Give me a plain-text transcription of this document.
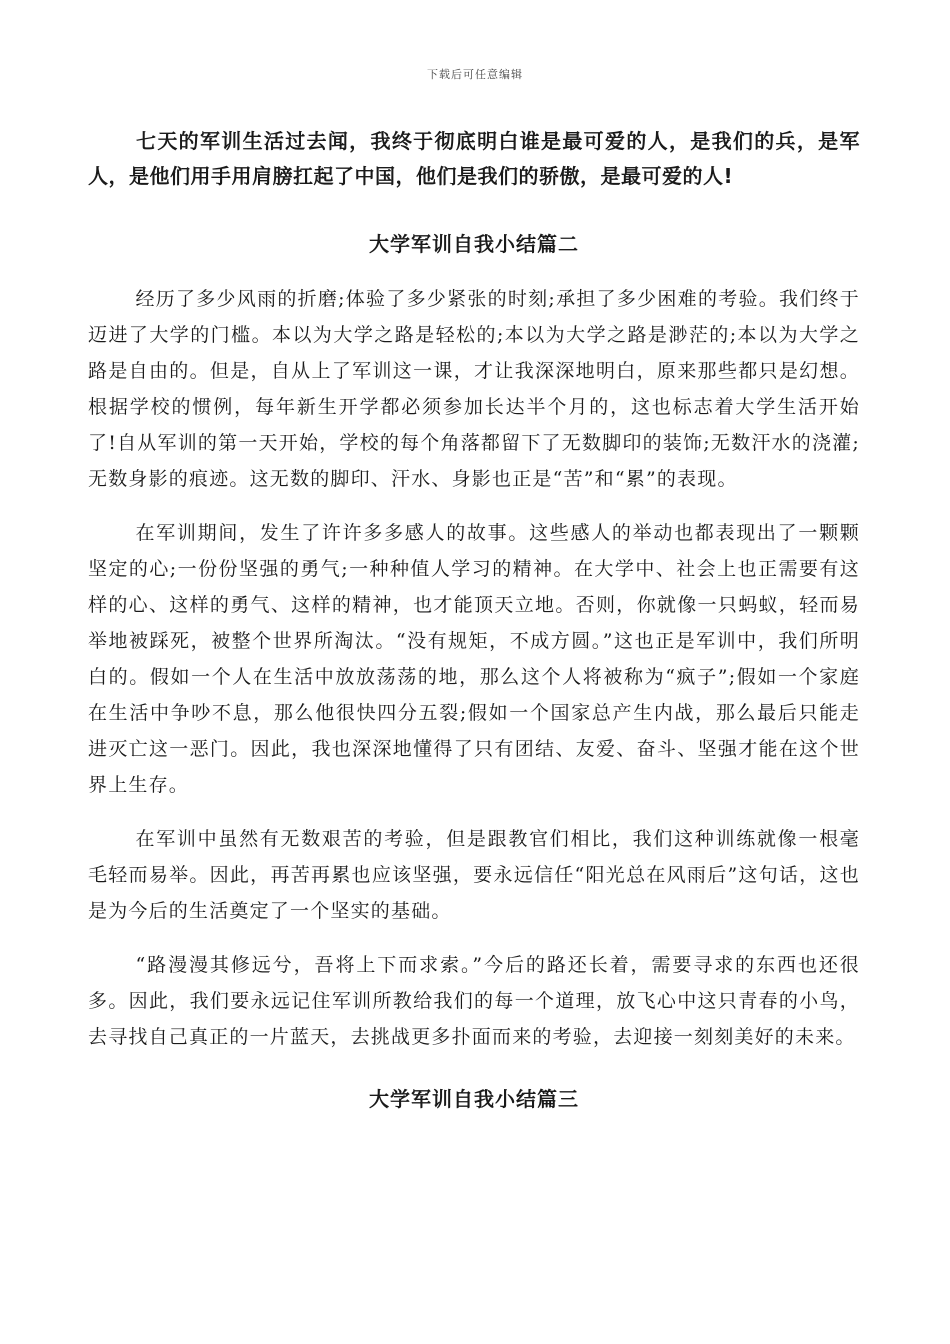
下载后可任意编辑

七天的军训生活过去闻，我终于彻底明白谁是最可爱的人，是我们的兵，是军人，是他们用手用肩膀扛起了中国，他们是我们的骄傲，是最可爱的人!

大学军训自我小结篇二

经历了多少风雨的折磨;体验了多少紧张的时刻;承担了多少困难的考验。我们终于迈进了大学的门槛。本以为大学之路是轻松的;本以为大学之路是渺茫的;本以为大学之路是自由的。但是，自从上了军训这一课，才让我深深地明白，原来那些都只是幻想。根据学校的惯例，每年新生开学都必须参加长达半个月的，这也标志着大学生活开始了!自从军训的第一天开始，学校的每个角落都留下了无数脚印的装饰;无数汗水的浇灌;无数身影的痕迹。这无数的脚印、汗水、身影也正是“苦”和“累”的表现。

在军训期间，发生了许许多多感人的故事。这些感人的举动也都表现出了一颗颗坚定的心;一份份坚强的勇气;一种种值人学习的精神。在大学中、社会上也正需要有这样的心、这样的勇气、这样的精神，也才能顶天立地。否则，你就像一只蚂蚁，轻而易举地被踩死，被整个世界所淘汰。“没有规矩，不成方圆。”这也正是军训中，我们所明白的。假如一个人在生活中放放荡荡的地，那么这个人将被称为“疯子”;假如一个家庭在生活中争吵不息，那么他很快四分五裂;假如一个国家总产生内战，那么最后只能走进灭亡这一恶门。因此，我也深深地懂得了只有团结、友爱、奋斗、坚强才能在这个世界上生存。

在军训中虽然有无数艰苦的考验，但是跟教官们相比，我们这种训练就像一根毫毛轻而易举。因此，再苦再累也应该坚强，要永远信任“阳光总在风雨后”这句话，这也是为今后的生活奠定了一个坚实的基础。

“路漫漫其修远兮，吾将上下而求索。”今后的路还长着，需要寻求的东西也还很多。因此，我们要永远记住军训所教给我们的每一个道理，放飞心中这只青春的小鸟，去寻找自己真正的一片蓝天，去挑战更多扑面而来的考验，去迎接一刻刻美好的未来。

大学军训自我小结篇三
